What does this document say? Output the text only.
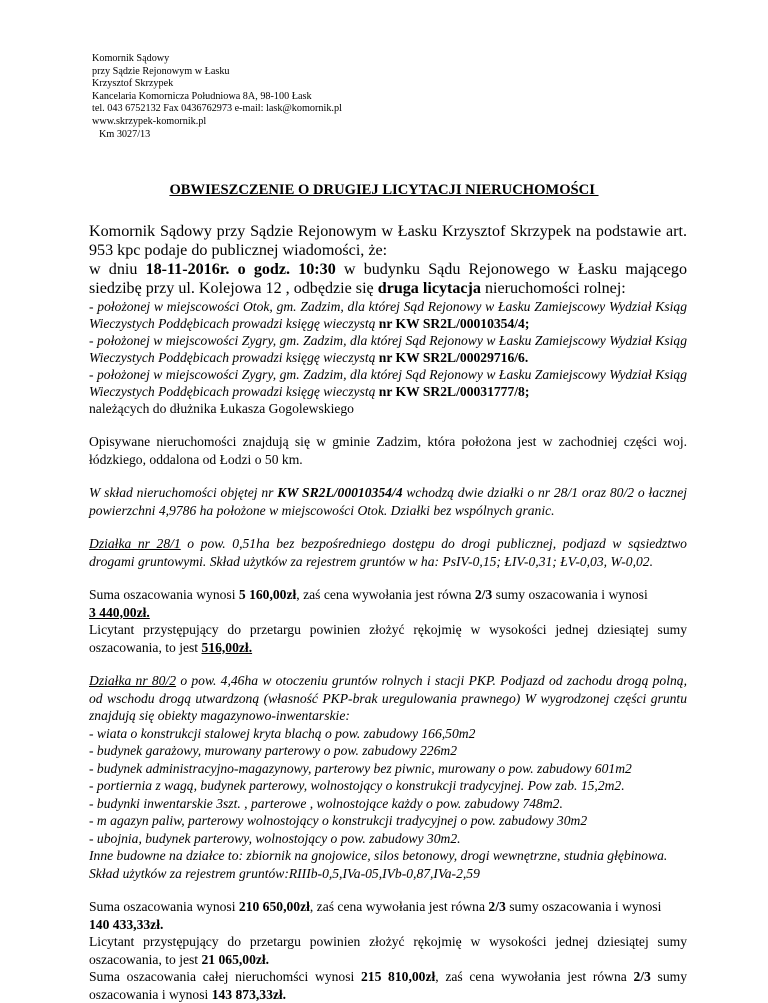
Komornik Sądowy
przy Sądzie Rejonowym w Łasku
Krzysztof Skrzypek
Kancelaria Komornicza Południowa 8A, 98-100 Łask
tel. 043 6752132 Fax 0436762973 e-mail: lask@komornik.pl
www.skrzypek-komornik.pl
Km 3027/13
OBWIESZCZENIE O DRUGIEJ LICYTACJI NIERUCHOMOŚCI

Komornik Sądowy przy Sądzie Rejonowym w Łasku Krzysztof Skrzypek na podstawie art. 953 kpc podaje do publicznej wiadomości, że:
w dniu 18-11-2016r. o godz. 10:30 w budynku Sądu Rejonowego w Łasku mającego siedzibę przy ul. Kolejowa 12 , odbędzie się druga licytacja nieruchomości rolnej:

- położonej w miejscowości Otok, gm. Zadzim, dla której Sąd Rejonowy w Łasku Zamiejscowy Wydział Ksiąg Wieczystych Poddębicach prowadzi księgę wieczystą nr KW SR2L/00010354/4;

- położonej w miejscowości Zygry, gm. Zadzim, dla której Sąd Rejonowy w Łasku Zamiejscowy Wydział Ksiąg Wieczystych Poddębicach prowadzi księgę wieczystą nr KW SR2L/00029716/6.

- położonej w miejscowości Zygry, gm. Zadzim, dla której Sąd Rejonowy w Łasku Zamiejscowy Wydział Ksiąg Wieczystych Poddębicach prowadzi księgę wieczystą nr KW SR2L/00031777/8;

należących do dłużnika Łukasza Gogolewskiego

Opisywane nieruchomości znajdują się w gminie Zadzim, która położona jest w zachodniej części woj. łódzkiego, oddalona od Łodzi o 50 km.

W skład nieruchomości objętej nr KW SR2L/00010354/4 wchodzą dwie działki o nr 28/1 oraz 80/2 o łacznej powierzchni 4,9786 ha położone w miejscowości Otok. Działki bez wspólnych granic.

Działka nr 28/1 o pow. 0,51ha bez bezpośredniego dostępu do drogi publicznej, podjazd w sąsiedztwo drogami gruntowymi. Skład użytków za rejestrem gruntów w ha: PsIV-0,15; ŁIV-0,31; ŁV-0,03, W-0,02.

Suma oszacowania wynosi 5 160,00zł, zaś cena wywołania jest równa 2/3 sumy oszacowania i wynosi
3 440,00zł.
Licytant przystępujący do przetargu powinien złożyć rękojmię w wysokości jednej dziesiątej sumy oszacowania, to jest 516,00zł.

Działka nr 80/2 o pow. 4,46ha w otoczeniu gruntów rolnych i stacji PKP. Podjazd od zachodu drogą polną, od wschodu drogą utwardzoną (własność PKP-brak uregulowania prawnego) W wygrodzonej części gruntu znajdują się obiekty magazynowo-inwentarskie:
- wiata o konstrukcji stalowej kryta blachą o pow. zabudowy 166,50m2
- budynek garażowy, murowany parterowy o pow. zabudowy 226m2
- budynek administracyjno-magazynowy, parterowy bez piwnic, murowany o pow. zabudowy 601m2
- portiernia z wagą, budynek parterowy, wolnostojący o konstrukcji tradycyjnej. Pow zab. 15,2m2.
- budynki inwentarskie 3szt. , parterowe , wolnostojące każdy o pow. zabudowy 748m2.
- m agazyn paliw, parterowy wolnostojący o konstrukcji tradycyjnej o pow. zabudowy 30m2
- ubojnia, budynek parterowy, wolnostojący o pow. zabudowy 30m2.
Inne budowne na działce to: zbiornik na gnojowice, silos betonowy, drogi wewnętrzne, studnia głębinowa.
Skład użytków za rejestrem gruntów:RIIIb-0,5,IVa-05,IVb-0,87,IVa-2,59

Suma oszacowania wynosi 210 650,00zł, zaś cena wywołania jest równa 2/3 sumy oszacowania i wynosi
140 433,33zł.
Licytant przystępujący do przetargu powinien złożyć rękojmię w wysokości jednej dziesiątej sumy oszacowania, to jest 21 065,00zł.
Suma oszacowania całej nieruchomści wynosi 215 810,00zł, zaś cena wywołania jest równa 2/3 sumy oszacowania i wynosi 143 873,33zł.
